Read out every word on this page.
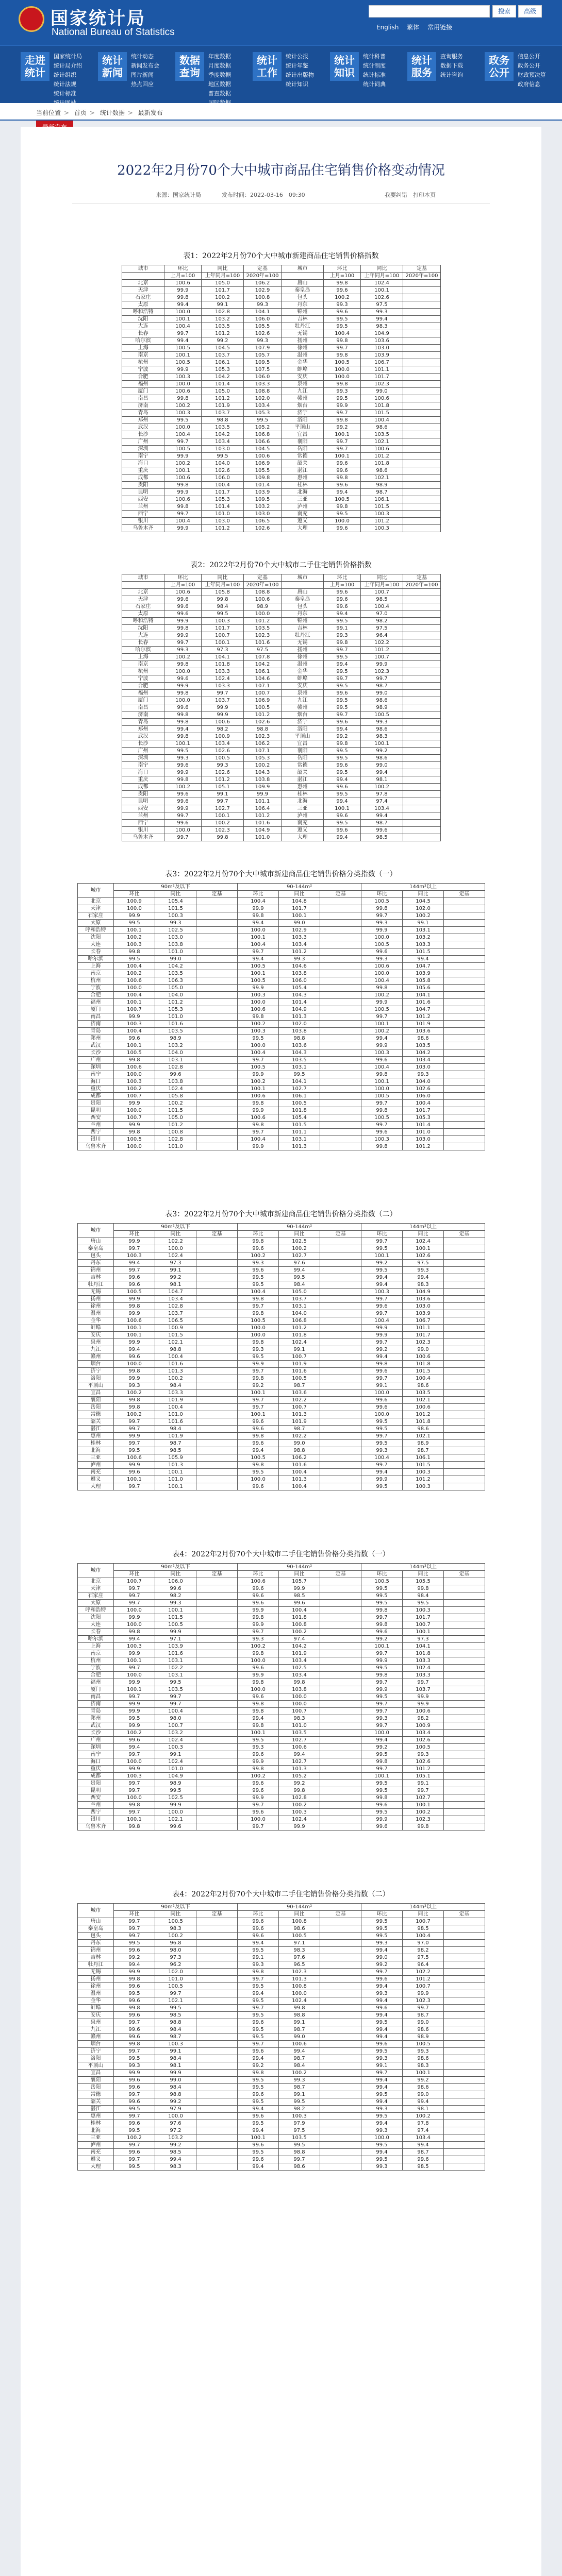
国家统计局
National Bureau of Statistics
搜索	高级
English 繁体 常用链接
走进
统计
国家统计局
统计局介绍
统计组织
统计法规
统计标准
统计
新闻
统计动态
新闻发布会
图片新闻
热点回应
数据
查询
年度数据
月度数据
季度数据
地区数据
普查数据
统计
工作
统计公报
统计年鉴
统计出版物
统计知识
统计
知识
统计科普
统计制度
统计标准
统计词典
统计
服务
查询服务
数据下载
统计咨询
政务
公开
信息公开
政务公开
财政预决算
政府信息
当前位置 > 首页 > 统计数据 > 最新发布
2022年2月份70个大中城市商品住宅销售价格变动情况
来源：国家统计局	发布时间：2022-03-16　09:30	我要纠错　打印本页
表1：2022年2月份70个大中城市新建商品住宅销售价格指数
城市	环比	同比	定基	城市	环比	同比	定基
	上月=100	上年同月=100	2020年=100		上月=100	上年同月=100	2020年=100
北京	100.6	105.0	106.2	唐山	99.8	102.4	
天津	99.9	101.7	102.9	秦皇岛	99.6	100.1	
石家庄	99.8	100.2	100.8	包头	100.2	102.6	
太原	99.4	99.1	99.3	丹东	99.3	97.5	
呼和浩特	100.0	102.8	104.1	锦州	99.6	99.3	
沈阳	100.1	103.2	106.0	吉林	99.5	99.4	
大连	100.4	103.5	105.5	牡丹江	99.5	98.3	
长春	99.7	101.2	102.6	无锡	100.4	104.9	
哈尔滨	99.4	99.2	99.3	扬州	99.8	103.6	
上海	100.5	104.5	107.9	徐州	99.7	103.0	
南京	100.1	103.7	105.7	温州	99.8	103.9	
杭州	100.5	106.1	109.5	金华	100.5	106.7	
宁波	99.9	105.3	107.5	蚌埠	100.0	101.1	
合肥	100.3	104.2	106.0	安庆	100.0	101.7	
福州	100.0	101.4	103.3	泉州	99.8	102.3	
厦门	100.6	105.0	108.8	九江	99.3	99.0	
南昌	99.8	101.2	102.0	赣州	99.5	100.6	
济南	100.2	101.9	103.4	烟台	99.9	101.8	
青岛	100.3	103.7	105.3	济宁	99.7	101.5	
郑州	99.5	98.8	99.5	洛阳	99.8	100.4	
武汉	100.0	103.5	105.2	平顶山	99.2	98.6	
长沙	100.4	104.2	106.8	宜昌	100.1	103.5	
广州	99.7	103.4	106.6	襄阳	99.7	102.1	
深圳	100.5	103.0	104.5	岳阳	99.7	100.6	
南宁	99.9	99.5	100.6	常德	100.1	101.2	
海口	100.2	104.0	106.9	韶关	99.6	101.8	
重庆	100.1	102.6	105.5	湛江	99.6	98.6	
成都	100.6	106.0	109.8	惠州	99.8	102.1	
贵阳	99.8	100.4	101.4	桂林	99.6	98.9	
昆明	99.9	101.7	103.9	北海	99.4	98.7	
西安	100.6	105.3	109.5	三亚	100.5	106.1	
兰州	99.8	101.4	103.2	泸州	99.8	101.5	
西宁	99.7	101.0	103.0	南充	99.5	100.3	
银川	100.4	103.0	106.5	遵义	100.0	101.2	
乌鲁木齐	99.9	101.2	102.6	大理	99.6	100.3	
表2：2022年2月份70个大中城市二手住宅销售价格指数
城市	环比	同比	定基	城市	环比	同比	定基
	上月=100	上年同月=100	2020年=100		上月=100	上年同月=100	2020年=100
北京	100.6	105.8	108.8	唐山	99.6	100.7	
天津	99.6	99.8	100.6	秦皇岛	99.6	98.5	
石家庄	99.6	98.4	98.9	包头	99.6	100.4	
太原	99.6	99.5	100.0	丹东	99.4	97.0	
呼和浩特	99.9	100.3	101.2	锦州	99.5	98.2	
沈阳	99.8	101.7	103.5	吉林	99.1	97.5	
大连	99.9	100.7	102.3	牡丹江	99.3	96.4	
长春	99.7	100.1	101.6	无锡	99.8	102.2	
哈尔滨	99.3	97.3	97.5	扬州	99.7	101.2	
上海	100.2	104.1	107.8	徐州	99.5	100.7	
南京	99.8	101.8	104.2	温州	99.4	99.9	
杭州	100.0	103.3	106.1	金华	99.5	102.3	
宁波	99.6	102.4	104.6	蚌埠	99.7	99.7	
合肥	99.9	103.3	107.1	安庆	99.5	98.7	
福州	99.8	99.7	100.7	泉州	99.6	99.0	
厦门	100.0	103.7	106.9	九江	99.5	98.6	
南昌	99.6	99.9	100.5	赣州	99.5	98.9	
济南	99.8	99.9	101.2	烟台	99.7	100.5	
青岛	99.8	100.6	102.6	济宁	99.6	99.3	
郑州	99.4	98.2	98.8	洛阳	99.4	98.6	
武汉	99.8	100.9	102.3	平顶山	99.2	98.3	
长沙	100.1	103.4	106.2	宜昌	99.8	100.1	
广州	99.5	102.6	107.1	襄阳	99.5	99.2	
深圳	99.3	100.5	105.3	岳阳	99.5	98.6	
南宁	99.6	99.3	100.2	常德	99.6	99.0	
海口	99.9	102.6	104.3	韶关	99.5	99.4	
重庆	99.8	101.2	103.8	湛江	99.4	98.1	
成都	100.2	105.1	109.9	惠州	99.6	100.2	
贵阳	99.6	99.1	99.9	桂林	99.5	97.8	
昆明	99.6	99.7	101.1	北海	99.4	97.4	
西安	99.9	102.7	106.4	三亚	100.1	103.4	
兰州	99.7	100.1	101.2	泸州	99.6	99.4	
西宁	99.6	100.2	101.6	南充	99.5	98.7	
银川	100.0	102.3	104.9	遵义	99.6	99.6	
乌鲁木齐	99.7	99.8	101.0	大理	99.4	98.5	
表3：2022年2月份70个大中城市新建商品住宅销售价格分类指数（一）
城市	90m²及以下			90-144m²			144m²以上		
	环比	同比	定基	环比	同比	定基	环比	同比	定基
北京	100.9	105.4		100.4	104.8		100.5	104.5	
天津	100.0	101.5		99.9	101.7		99.8	102.0	
石家庄	99.9	100.3		99.8	100.1		99.7	100.2	
太原	99.5	99.3		99.4	99.0		99.3	99.1	
呼和浩特	100.1	102.5		100.0	102.9		99.9	103.1	
沈阳	100.2	103.0		100.1	103.3		100.0	103.2	
大连	100.3	103.8		100.4	103.4		100.5	103.3	
长春	99.8	101.0		99.7	101.2		99.6	101.5	
哈尔滨	99.5	99.0		99.4	99.3		99.3	99.4	
上海	100.4	104.2		100.5	104.6		100.6	104.7	
南京	100.2	103.5		100.1	103.8		100.0	103.9	
杭州	100.6	106.3		100.5	106.0		100.4	105.8	
宁波	100.0	105.0		99.9	105.4		99.8	105.6	
合肥	100.4	104.0		100.3	104.3		100.2	104.1	
福州	100.1	101.2		100.0	101.4		99.9	101.6	
厦门	100.7	105.3		100.6	104.9		100.5	104.7	
南昌	99.9	101.0		99.8	101.3		99.7	101.2	
济南	100.3	101.6		100.2	102.0		100.1	101.9	
青岛	100.4	103.5		100.3	103.8		100.2	103.6	
郑州	99.6	98.9		99.5	98.8		99.4	98.6	
武汉	100.1	103.2		100.0	103.6		99.9	103.5	
长沙	100.5	104.0		100.4	104.3		100.3	104.2	
广州	99.8	103.1		99.7	103.5		99.6	103.4	
深圳	100.6	102.8		100.5	103.1		100.4	103.0	
南宁	100.0	99.6		99.9	99.5		99.8	99.3	
海口	100.3	103.8		100.2	104.1		100.1	104.0	
重庆	100.2	102.4		100.1	102.7		100.0	102.6	
成都	100.7	105.8		100.6	106.1		100.5	106.0	
贵阳	99.9	100.2		99.8	100.5		99.7	100.4	
昆明	100.0	101.5		99.9	101.8		99.8	101.7	
西安	100.7	105.0		100.6	105.4		100.5	105.3	
兰州	99.9	101.2		99.8	101.5		99.7	101.4	
西宁	99.8	100.8		99.7	101.1		99.6	101.0	
银川	100.5	102.8		100.4	103.1		100.3	103.0	
乌鲁木齐	100.0	101.0		99.9	101.3		99.8	101.2	
表3：2022年2月份70个大中城市新建商品住宅销售价格分类指数（二）
城市	90m²及以下			90-144m²			144m²以上		
	环比	同比	定基	环比	同比	定基	环比	同比	定基
唐山	99.9	102.2		99.8	102.5		99.7	102.4	
秦皇岛	99.7	100.0		99.6	100.2		99.5	100.1	
包头	100.3	102.4		100.2	102.7		100.1	102.6	
丹东	99.4	97.3		99.3	97.6		99.2	97.5	
锦州	99.7	99.1		99.6	99.4		99.5	99.3	
吉林	99.6	99.2		99.5	99.5		99.4	99.4	
牡丹江	99.6	98.1		99.5	98.4		99.4	98.3	
无锡	100.5	104.7		100.4	105.0		100.3	104.9	
扬州	99.9	103.4		99.8	103.7		99.7	103.6	
徐州	99.8	102.8		99.7	103.1		99.6	103.0	
温州	99.9	103.7		99.8	104.0		99.7	103.9	
金华	100.6	106.5		100.5	106.8		100.4	106.7	
蚌埠	100.1	100.9		100.0	101.2		99.9	101.1	
安庆	100.1	101.5		100.0	101.8		99.9	101.7	
泉州	99.9	102.1		99.8	102.4		99.7	102.3	
九江	99.4	98.8		99.3	99.1		99.2	99.0	
赣州	99.6	100.4		99.5	100.7		99.4	100.6	
烟台	100.0	101.6		99.9	101.9		99.8	101.8	
济宁	99.8	101.3		99.7	101.6		99.6	101.5	
洛阳	99.9	100.2		99.8	100.5		99.7	100.4	
平顶山	99.3	98.4		99.2	98.7		99.1	98.6	
宜昌	100.2	103.3		100.1	103.6		100.0	103.5	
襄阳	99.8	101.9		99.7	102.2		99.6	102.1	
岳阳	99.8	100.4		99.7	100.7		99.6	100.6	
常德	100.2	101.0		100.1	101.3		100.0	101.2	
韶关	99.7	101.6		99.6	101.9		99.5	101.8	
湛江	99.7	98.4		99.6	98.7		99.5	98.6	
惠州	99.9	101.9		99.8	102.2		99.7	102.1	
桂林	99.7	98.7		99.6	99.0		99.5	98.9	
北海	99.5	98.5		99.4	98.8		99.3	98.7	
三亚	100.6	105.9		100.5	106.2		100.4	106.1	
泸州	99.9	101.3		99.8	101.6		99.7	101.5	
南充	99.6	100.1		99.5	100.4		99.4	100.3	
遵义	100.1	101.0		100.0	101.3		99.9	101.2	
大理	99.7	100.1		99.6	100.4		99.5	100.3	
表4：2022年2月份70个大中城市二手住宅销售价格分类指数（一）
城市	90m²及以下			90-144m²			144m²以上		
	环比	同比	定基	环比	同比	定基	环比	同比	定基
北京	100.7	106.0		100.6	105.7		100.5	105.5	
天津	99.7	99.6		99.6	99.9		99.5	99.8	
石家庄	99.7	98.2		99.6	98.5		99.5	98.4	
太原	99.7	99.3		99.6	99.6		99.5	99.5	
呼和浩特	100.0	100.1		99.9	100.4		99.8	100.3	
沈阳	99.9	101.5		99.8	101.8		99.7	101.7	
大连	100.0	100.5		99.9	100.8		99.8	100.7	
长春	99.8	99.9		99.7	100.2		99.6	100.1	
哈尔滨	99.4	97.1		99.3	97.4		99.2	97.3	
上海	100.3	103.9		100.2	104.2		100.1	104.1	
南京	99.9	101.6		99.8	101.9		99.7	101.8	
杭州	100.1	103.1		100.0	103.4		99.9	103.3	
宁波	99.7	102.2		99.6	102.5		99.5	102.4	
合肥	100.0	103.1		99.9	103.4		99.8	103.3	
福州	99.9	99.5		99.8	99.8		99.7	99.7	
厦门	100.1	103.5		100.0	103.8		99.9	103.7	
南昌	99.7	99.7		99.6	100.0		99.5	99.9	
济南	99.9	99.7		99.8	100.0		99.7	99.9	
青岛	99.9	100.4		99.8	100.7		99.7	100.6	
郑州	99.5	98.0		99.4	98.3		99.3	98.2	
武汉	99.9	100.7		99.8	101.0		99.7	100.9	
长沙	100.2	103.2		100.1	103.5		100.0	103.4	
广州	99.6	102.4		99.5	102.7		99.4	102.6	
深圳	99.4	100.3		99.3	100.6		99.2	100.5	
南宁	99.7	99.1		99.6	99.4		99.5	99.3	
海口	100.0	102.4		99.9	102.7		99.8	102.6	
重庆	99.9	101.0		99.8	101.3		99.7	101.2	
成都	100.3	104.9		100.2	105.2		100.1	105.1	
贵阳	99.7	98.9		99.6	99.2		99.5	99.1	
昆明	99.7	99.5		99.6	99.8		99.5	99.7	
西安	100.0	102.5		99.9	102.8		99.8	102.7	
兰州	99.8	99.9		99.7	100.2		99.6	100.1	
西宁	99.7	100.0		99.6	100.3		99.5	100.2	
银川	100.1	102.1		100.0	102.4		99.9	102.3	
乌鲁木齐	99.8	99.6		99.7	99.9		99.6	99.8	
表4：2022年2月份70个大中城市二手住宅销售价格分类指数（二）
城市	90m²及以下			90-144m²			144m²以上		
	环比	同比	定基	环比	同比	定基	环比	同比	定基
唐山	99.7	100.5		99.6	100.8		99.5	100.7	
秦皇岛	99.7	98.3		99.6	98.6		99.5	98.5	
包头	99.7	100.2		99.6	100.5		99.5	100.4	
丹东	99.5	96.8		99.4	97.1		99.3	97.0	
锦州	99.6	98.0		99.5	98.3		99.4	98.2	
吉林	99.2	97.3		99.1	97.6		99.0	97.5	
牡丹江	99.4	96.2		99.3	96.5		99.2	96.4	
无锡	99.9	102.0		99.8	102.3		99.7	102.2	
扬州	99.8	101.0		99.7	101.3		99.6	101.2	
徐州	99.6	100.5		99.5	100.8		99.4	100.7	
温州	99.5	99.7		99.4	100.0		99.3	99.9	
金华	99.6	102.1		99.5	102.4		99.4	102.3	
蚌埠	99.8	99.5		99.7	99.8		99.6	99.7	
安庆	99.6	98.5		99.5	98.8		99.4	98.7	
泉州	99.7	98.8		99.6	99.1		99.5	99.0	
九江	99.6	98.4		99.5	98.7		99.4	98.6	
赣州	99.6	98.7		99.5	99.0		99.4	98.9	
烟台	99.8	100.3		99.7	100.6		99.6	100.5	
济宁	99.7	99.1		99.6	99.4		99.5	99.3	
洛阳	99.5	98.4		99.4	98.7		99.3	98.6	
平顶山	99.3	98.1		99.2	98.4		99.1	98.3	
宜昌	99.9	99.9		99.8	100.2		99.7	100.1	
襄阳	99.6	99.0		99.5	99.3		99.4	99.2	
岳阳	99.6	98.4		99.5	98.7		99.4	98.6	
常德	99.7	98.8		99.6	99.1		99.5	99.0	
韶关	99.6	99.2		99.5	99.5		99.4	99.4	
湛江	99.5	97.9		99.4	98.2		99.3	98.1	
惠州	99.7	100.0		99.6	100.3		99.5	100.2	
桂林	99.6	97.6		99.5	97.9		99.4	97.8	
北海	99.5	97.2		99.4	97.5		99.3	97.4	
三亚	100.2	103.2		100.1	103.5		100.0	103.4	
泸州	99.7	99.2		99.6	99.5		99.5	99.4	
南充	99.6	98.5		99.5	98.8		99.4	98.7	
遵义	99.7	99.4		99.6	99.7		99.5	99.6	
大理	99.5	98.3		99.4	98.6		99.3	98.5	
